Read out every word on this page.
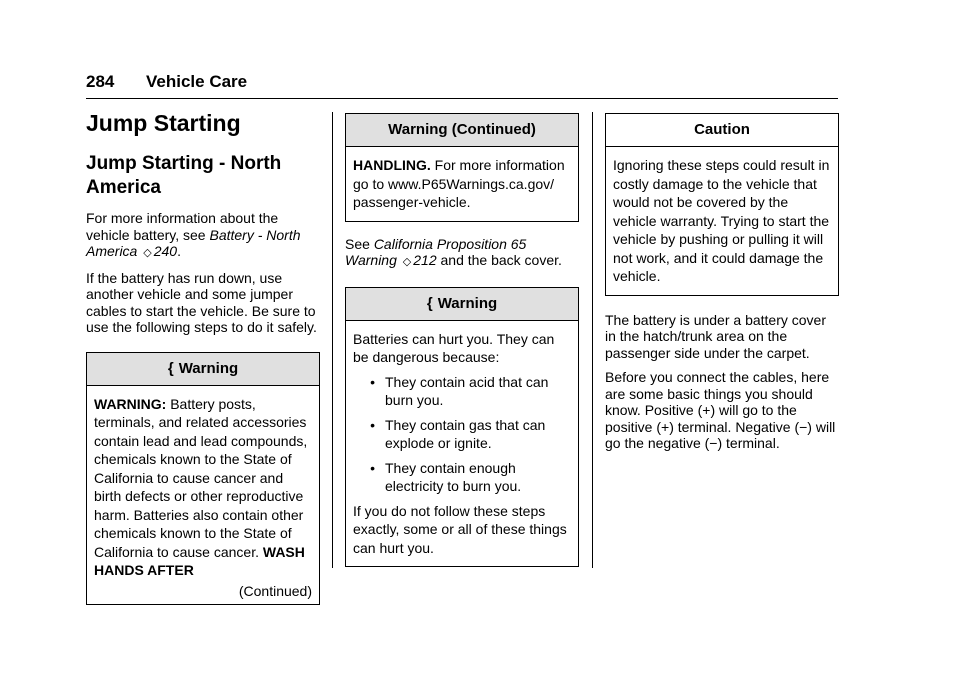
284 Vehicle Care
Jump Starting
Jump Starting - North America

For more information about the vehicle battery, see Battery - North America ◇ 240.

If the battery has run down, use another vehicle and some jumper cables to start the vehicle. Be sure to use the following steps to do it safely.

{ Warning
WARNING: Battery posts, terminals, and related accessories contain lead and lead compounds, chemicals known to the State of California to cause cancer and birth defects or other reproductive harm. Batteries also contain other chemicals known to the State of California to cause cancer. WASH HANDS AFTER
(Continued)
Warning (Continued)
HANDLING. For more information go to www.P65Warnings.ca.gov/ passenger-vehicle.

See California Proposition 65 Warning ◇ 212 and the back cover.

{ Warning

Batteries can hurt you. They can be dangerous because:

• They contain acid that can burn you.
• They contain gas that can explode or ignite.
• They contain enough electricity to burn you.

If you do not follow these steps exactly, some or all of these things can hurt you.

Caution
Ignoring these steps could result in costly damage to the vehicle that would not be covered by the vehicle warranty. Trying to start the vehicle by pushing or pulling it will not work, and it could damage the vehicle.

The battery is under a battery cover in the hatch/trunk area on the passenger side under the carpet.

Before you connect the cables, here are some basic things you should know. Positive (+) will go to the positive (+) terminal. Negative (−) will go the negative (−) terminal.
